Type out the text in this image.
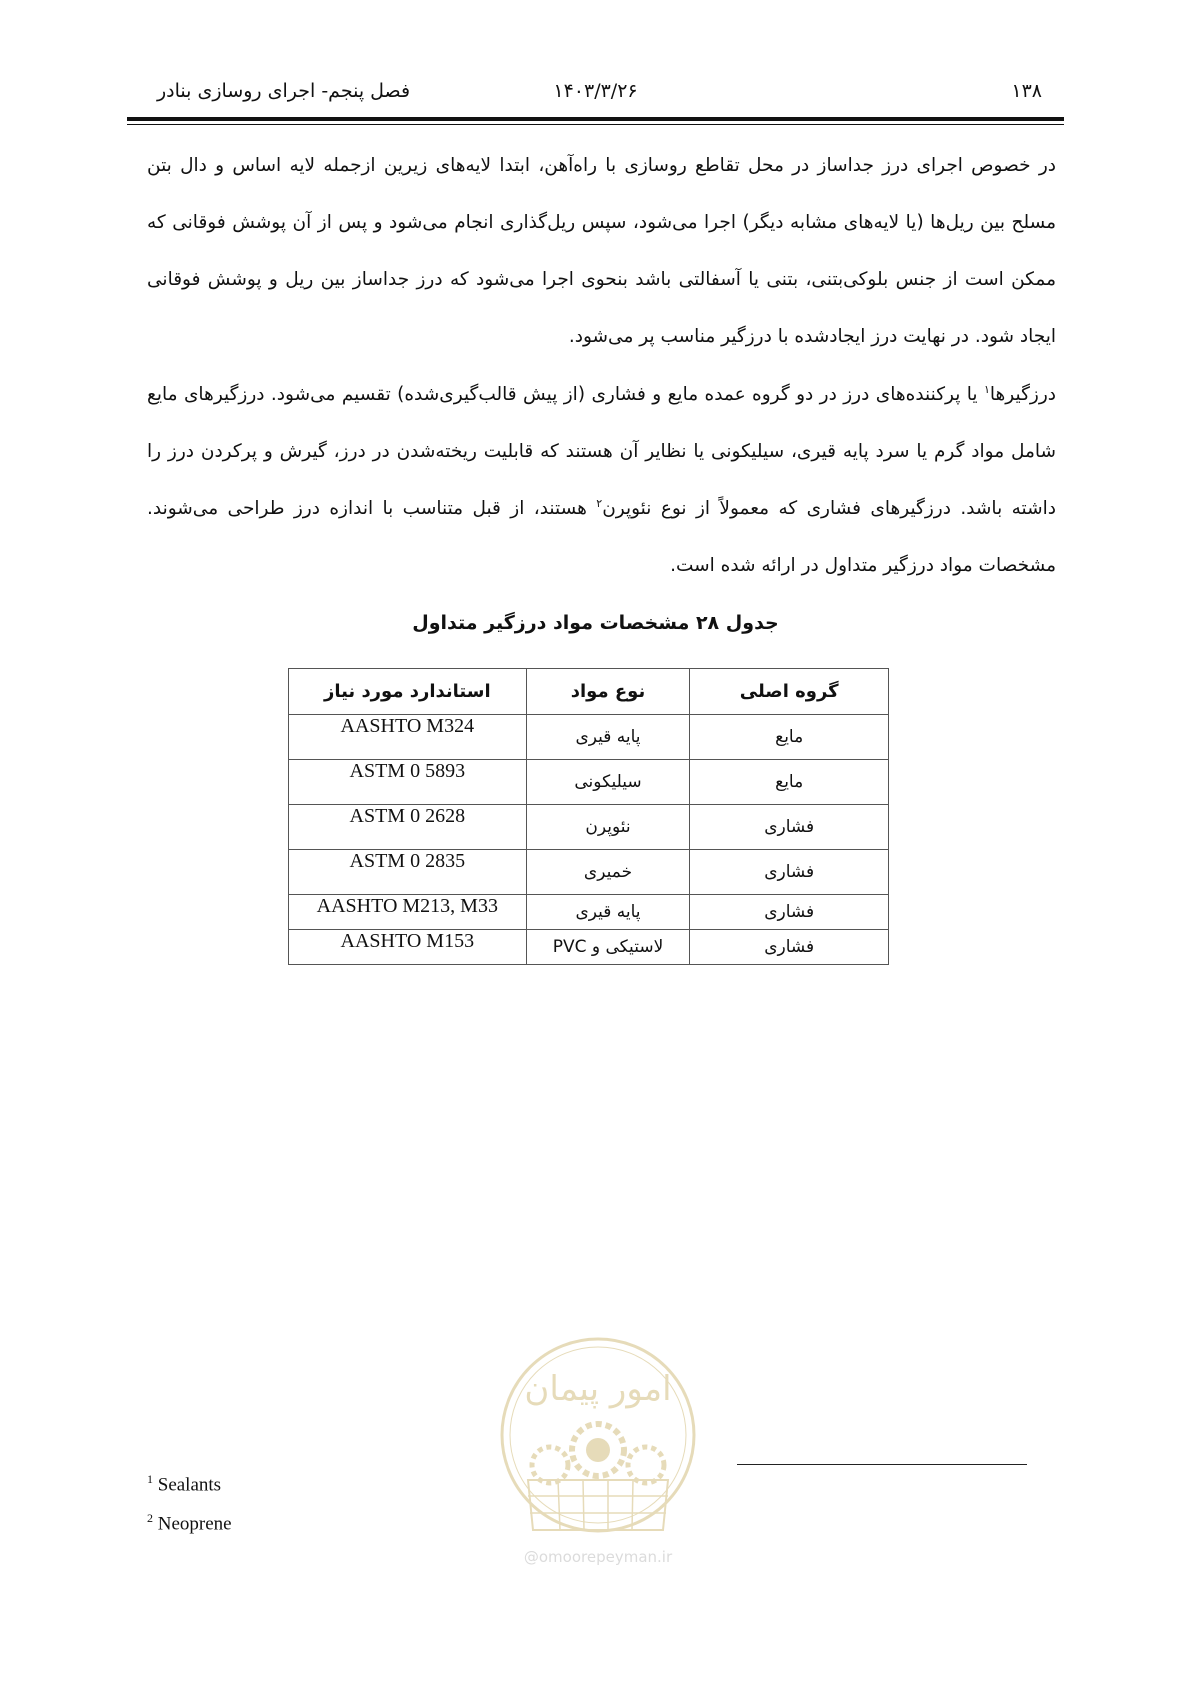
۱۳۸
۱۴۰۳/۳/۲۶
فصل پنجم- اجرای روسازی بنادر

در خصوص اجرای درز جداساز در محل تقاطع روسازی با راه‌آهن، ابتدا لایه‌های زیرین ازجمله لایه اساس و دال بتن مسلح بین ریل‌ها (یا لایه‌های مشابه دیگر) اجرا می‌شود، سپس ریل‌گذاری انجام می‌شود و پس از آن پوشش فوقانی که ممکن است از جنس بلوکی‌بتنی، بتنی یا آسفالتی باشد بنحوی اجرا می‌شود که درز جداساز بین ریل و پوشش فوقانی ایجاد شود. در نهایت درز ایجادشده با درزگیر مناسب پر می‌شود.

درزگیرها$^۱$ یا پرکننده‌های درز در دو گروه عمده مایع و فشاری (از پیش قالب‌گیری‌شده) تقسیم می‌شود. درزگیرهای مایع شامل مواد گرم یا سرد پایه قیری، سیلیکونی یا نظایر آن هستند که قابلیت ریخته‌شدن در درز، گیرش و پرکردن درز را داشته باشد. درزگیرهای فشاری که معمولاً از نوع نئوپرن$^۲$ هستند، از قبل متناسب با اندازه درز طراحی می‌شوند. مشخصات مواد درزگیر متداول در ارائه شده است.

جدول ۲۸ مشخصات مواد درزگیر متداول
گروه اصلی	نوع مواد	استاندارد مورد نیاز
مایع	پایه قیری	AASHTO M324
مایع	سیلیکونی	ASTM 0 5893
فشاری	نئوپرن	ASTM 0 2628
فشاری	خمیری	ASTM 0 2835
فشاری	پایه قیری	AASHTO M213, M33
فشاری	لاستیکی و PVC	AASHTO M153
امور پیمان
@omoorepeyman.ir
$^1$ Sealants
$^2$ Neoprene
